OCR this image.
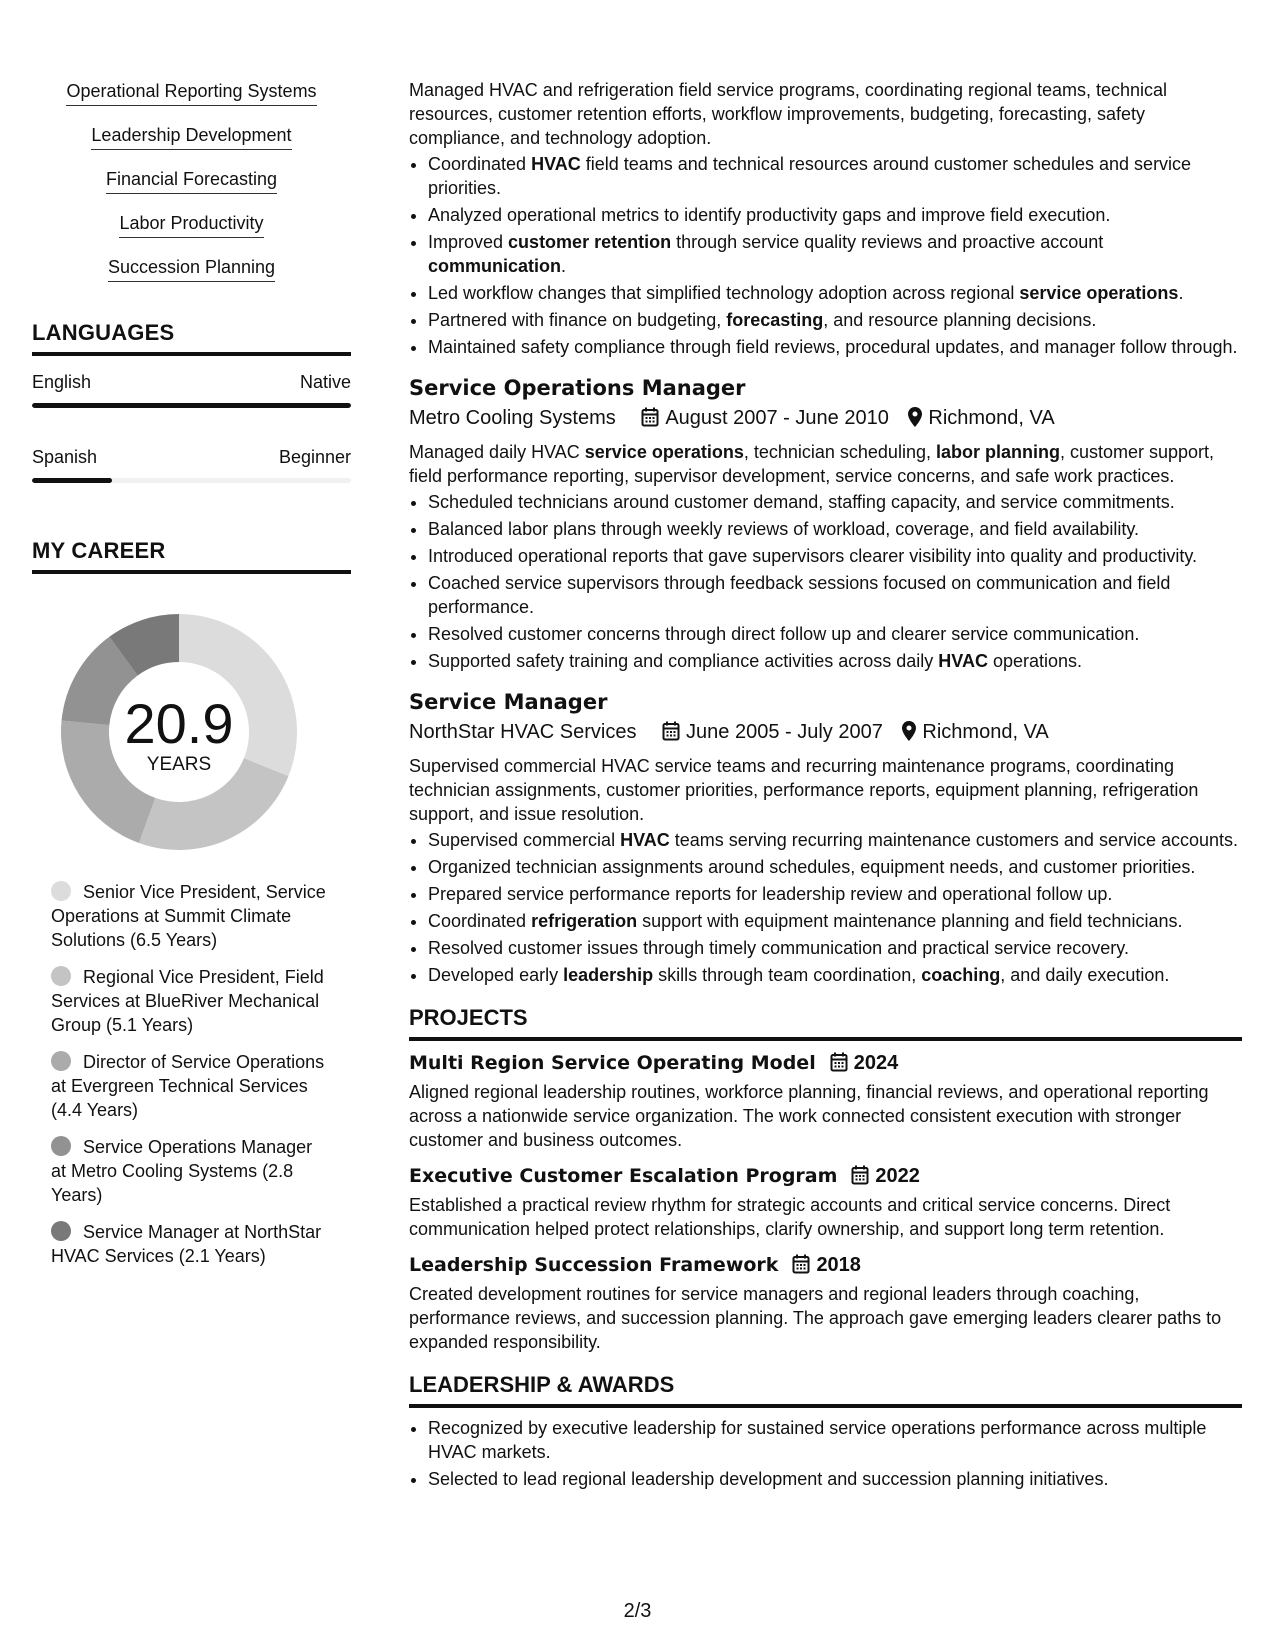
Operational Reporting Systems
Leadership Development
Financial Forecasting
Labor Productivity
Succession Planning
LANGUAGES
English	Native
Spanish	Beginner
MY CAREER
20.9
YEARS
Senior Vice President, Service Operations at Summit Climate Solutions (6.5 Years)
Regional Vice President, Field Services at BlueRiver Mechanical Group (5.1 Years)
Director of Service Operations at Evergreen Technical Services (4.4 Years)
Service Operations Manager at Metro Cooling Systems (2.8 Years)
Service Manager at NorthStar HVAC Services (2.1 Years)

Managed HVAC and refrigeration field service programs, coordinating regional teams, technical resources, customer retention efforts, workflow improvements, budgeting, forecasting, safety compliance, and technology adoption.

• Coordinated HVAC field teams and technical resources around customer schedules and service priorities.
• Analyzed operational metrics to identify productivity gaps and improve field execution.
• Improved customer retention through service quality reviews and proactive account communication.
• Led workflow changes that simplified technology adoption across regional service operations.
• Partnered with finance on budgeting, forecasting, and resource planning decisions.
• Maintained safety compliance through field reviews, procedural updates, and manager follow through.
Service Operations Manager
Metro Cooling Systems August 2007 - June 2010 Richmond, VA

Managed daily HVAC service operations, technician scheduling, labor planning, customer support, field performance reporting, supervisor development, service concerns, and safe work practices.

• Scheduled technicians around customer demand, staffing capacity, and service commitments.
• Balanced labor plans through weekly reviews of workload, coverage, and field availability.
• Introduced operational reports that gave supervisors clearer visibility into quality and productivity.
• Coached service supervisors through feedback sessions focused on communication and field performance.
• Resolved customer concerns through direct follow up and clearer service communication.
• Supported safety training and compliance activities across daily HVAC operations.
Service Manager
NorthStar HVAC Services June 2005 - July 2007 Richmond, VA

Supervised commercial HVAC service teams and recurring maintenance programs, coordinating technician assignments, customer priorities, performance reports, equipment planning, refrigeration support, and issue resolution.

• Supervised commercial HVAC teams serving recurring maintenance customers and service accounts.
• Organized technician assignments around schedules, equipment needs, and customer priorities.
• Prepared service performance reports for leadership review and operational follow up.
• Coordinated refrigeration support with equipment maintenance planning and field technicians.
• Resolved customer issues through timely communication and practical service recovery.
• Developed early leadership skills through team coordination, coaching, and daily execution.
PROJECTS
Multi Region Service Operating Model 2024

Aligned regional leadership routines, workforce planning, financial reviews, and operational reporting across a nationwide service organization. The work connected consistent execution with stronger customer and business outcomes.

Executive Customer Escalation Program 2022

Established a practical review rhythm for strategic accounts and critical service concerns. Direct communication helped protect relationships, clarify ownership, and support long term retention.

Leadership Succession Framework 2018

Created development routines for service managers and regional leaders through coaching, performance reviews, and succession planning. The approach gave emerging leaders clearer paths to expanded responsibility.

LEADERSHIP & AWARDS
• Recognized by executive leadership for sustained service operations performance across multiple HVAC markets.
• Selected to lead regional leadership development and succession planning initiatives.
2/3
